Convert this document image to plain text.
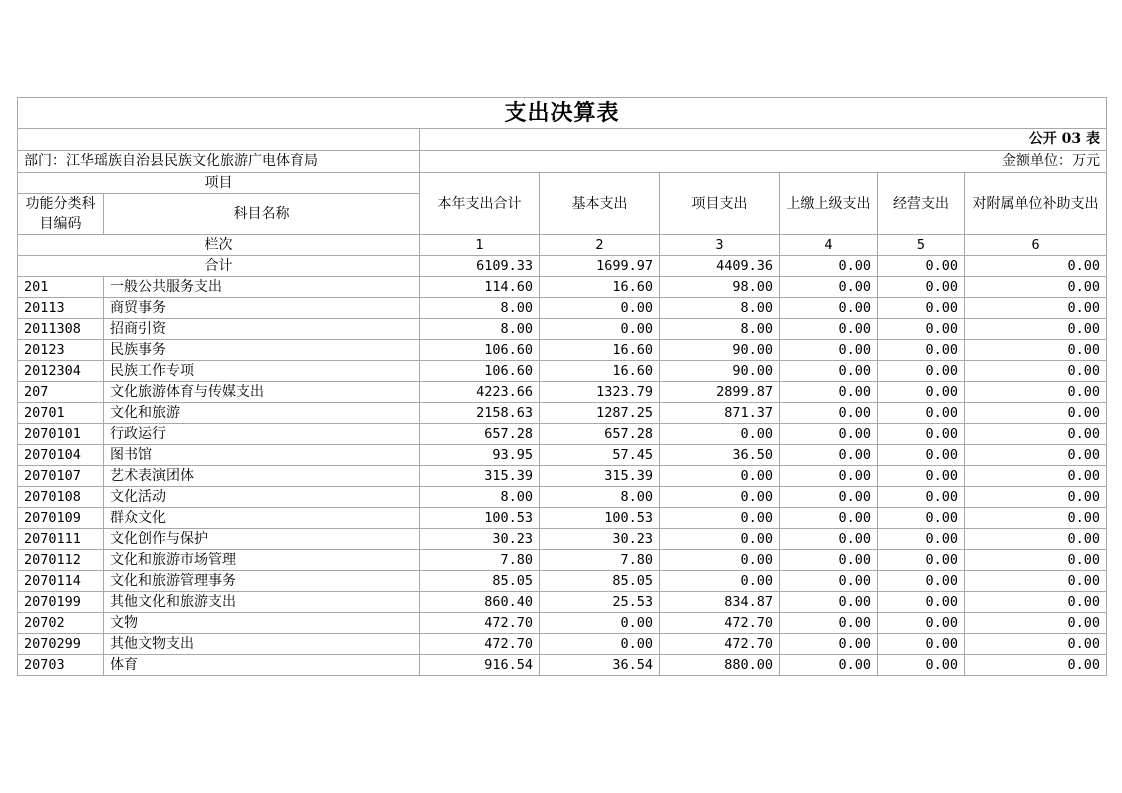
支出决算表							
		公开 03 表					
部门：江华瑶族自治县民族文化旅游广电体育局		金额单位：万元					
项目		本年支出合计	基本支出	项目支出	上缴上级支出	经营支出	对附属单位补助支出
功能分类科目编码	科目名称						
栏次		1	2	3	4	5	6
合计		6109.33	1699.97	4409.36	0.00	0.00	0.00
201	一般公共服务支出	114.60	16.60	98.00	0.00	0.00	0.00
20113	商贸事务	8.00	0.00	8.00	0.00	0.00	0.00
2011308	招商引资	8.00	0.00	8.00	0.00	0.00	0.00
20123	民族事务	106.60	16.60	90.00	0.00	0.00	0.00
2012304	民族工作专项	106.60	16.60	90.00	0.00	0.00	0.00
207	文化旅游体育与传媒支出	4223.66	1323.79	2899.87	0.00	0.00	0.00
20701	文化和旅游	2158.63	1287.25	871.37	0.00	0.00	0.00
2070101	行政运行	657.28	657.28	0.00	0.00	0.00	0.00
2070104	图书馆	93.95	57.45	36.50	0.00	0.00	0.00
2070107	艺术表演团体	315.39	315.39	0.00	0.00	0.00	0.00
2070108	文化活动	8.00	8.00	0.00	0.00	0.00	0.00
2070109	群众文化	100.53	100.53	0.00	0.00	0.00	0.00
2070111	文化创作与保护	30.23	30.23	0.00	0.00	0.00	0.00
2070112	文化和旅游市场管理	7.80	7.80	0.00	0.00	0.00	0.00
2070114	文化和旅游管理事务	85.05	85.05	0.00	0.00	0.00	0.00
2070199	其他文化和旅游支出	860.40	25.53	834.87	0.00	0.00	0.00
20702	文物	472.70	0.00	472.70	0.00	0.00	0.00
2070299	其他文物支出	472.70	0.00	472.70	0.00	0.00	0.00
20703	体育	916.54	36.54	880.00	0.00	0.00	0.00
